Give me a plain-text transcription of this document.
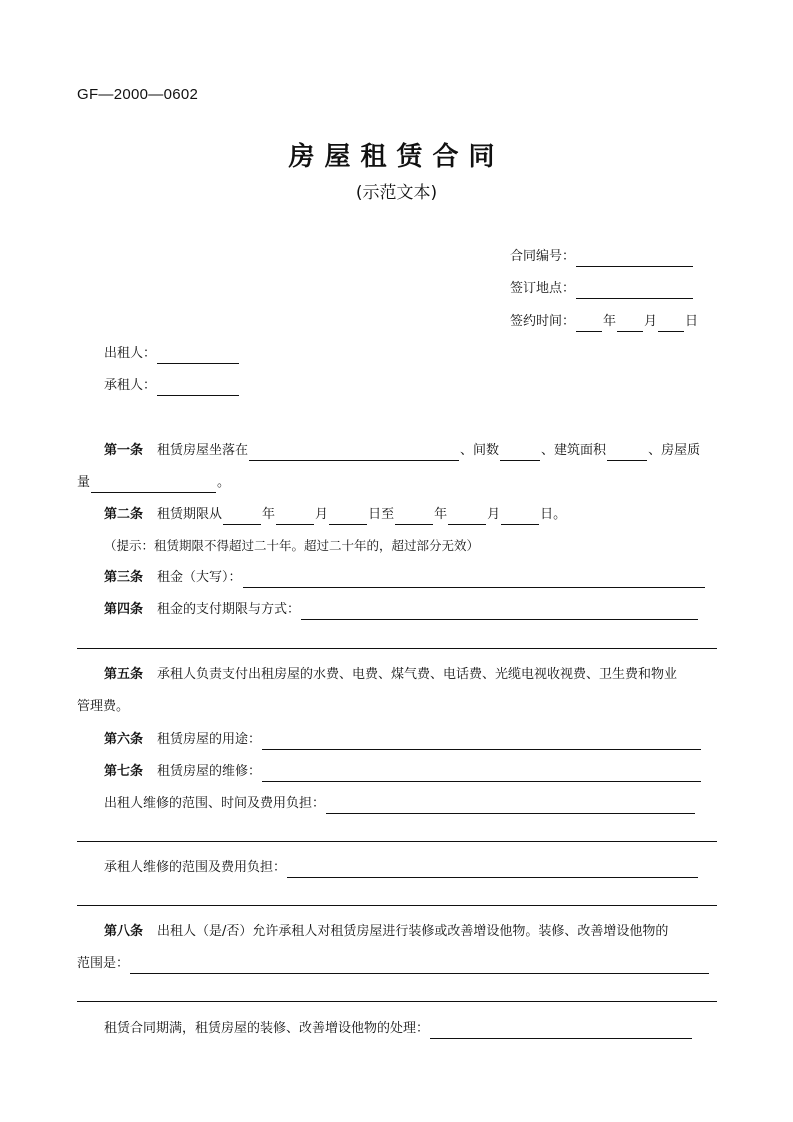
GF—2000—0602
房屋租赁合同
(示范文本)
合同编号：
签订地点：
签约时间： 年 月 日
出租人：
承租人：
第一条 租赁房屋坐落在	、间数	、建筑面积	、房屋质
量	。
第二条 租赁期限从	年	月	日至	年	月	日。
（提示：租赁期限不得超过二十年。超过二十年的，超过部分无效）
第三条 租金（大写）：
第四条 租金的支付期限与方式：
第五条 承租人负责支付出租房屋的水费、电费、煤气费、电话费、光缆电视收视费、卫生费和物业
管理费。
第六条 租赁房屋的用途：
第七条 租赁房屋的维修：
出租人维修的范围、时间及费用负担：
承租人维修的范围及费用负担：
第八条 出租人（是/否）允许承租人对租赁房屋进行装修或改善增设他物。装修、改善增设他物的
范围是：
租赁合同期满，租赁房屋的装修、改善增设他物的处理：
